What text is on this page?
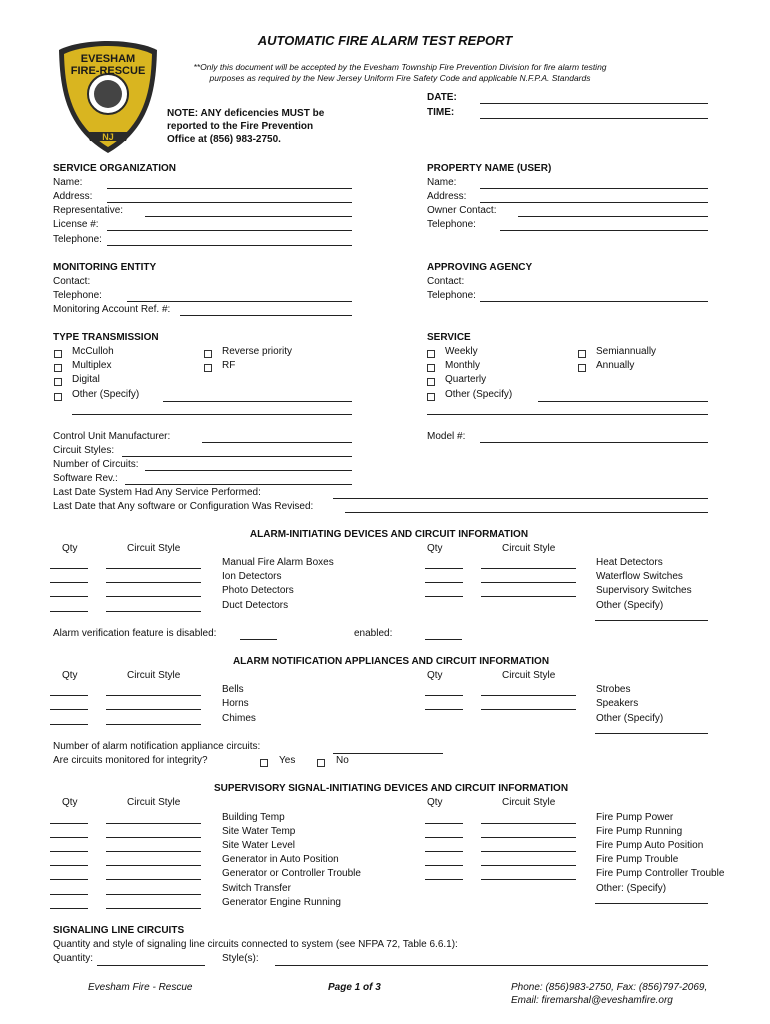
AUTOMATIC FIRE ALARM TEST REPORT
EVESHAM
FIRE-RESCUE
NJ
**Only this document will be accepted by the Evesham Township Fire Prevention Division for fire alarm testing
purposes as required by the New Jersey Uniform Fire Safety Code and applicable N.F.P.A. Standards
NOTE: ANY deficencies MUST be
reported to the Fire Prevention
Office at (856) 983-2750.
DATE:
TIME:
SERVICE ORGANIZATION
Name:
Address:
Representative:
License #:
Telephone:
PROPERTY NAME (USER)
Name:
Address:
Owner Contact:
Telephone:
MONITORING ENTITY
Contact:
Telephone:
Monitoring Account Ref. #:
APPROVING AGENCY
Contact:
Telephone:
TYPE TRANSMISSION
McCulloh
Multiplex
Digital
Other (Specify)
Reverse priority
RF
SERVICE
Weekly
Monthly
Quarterly
Other (Specify)
Semiannually
Annually
Control Unit Manufacturer:	Model #:
Circuit Styles:
Number of Circuits:
Software Rev.:
Last Date System Had Any Service Performed:
Last Date that Any software or Configuration Was Revised:
ALARM-INITIATING DEVICES AND CIRCUIT INFORMATION
Qty	Circuit Style	Qty	Circuit Style
Manual Fire Alarm Boxes	Heat Detectors
Ion Detectors	Waterflow Switches
Photo Detectors	Supervisory Switches
Duct Detectors	Other (Specify)
Alarm verification feature is disabled:	enabled:
ALARM NOTIFICATION APPLIANCES AND CIRCUIT INFORMATION
Qty	Circuit Style	Qty	Circuit Style
Bells	Strobes
Horns	Speakers
Chimes	Other (Specify)
Number of alarm notification appliance circuits:
Are circuits monitored for integrity?	Yes	No
SUPERVISORY SIGNAL-INITIATING DEVICES AND CIRCUIT INFORMATION
Qty	Circuit Style	Qty	Circuit Style
Building Temp	Fire Pump Power
Site Water Temp	Fire Pump Running
Site Water Level	Fire Pump Auto Position
Generator in Auto Position	Fire Pump Trouble
Generator or Controller Trouble	Fire Pump Controller Trouble
Switch Transfer	Other: (Specify)
Generator Engine Running
SIGNALING LINE CIRCUITS
Quantity and style of signaling line circuits connected to system (see NFPA 72, Table 6.6.1):
Quantity:	Style(s):
Evesham Fire - Rescue	Page 1 of 3	Phone: (856)983-2750, Fax: (856)797-2069,
Email: firemarshal@eveshamfire.org
